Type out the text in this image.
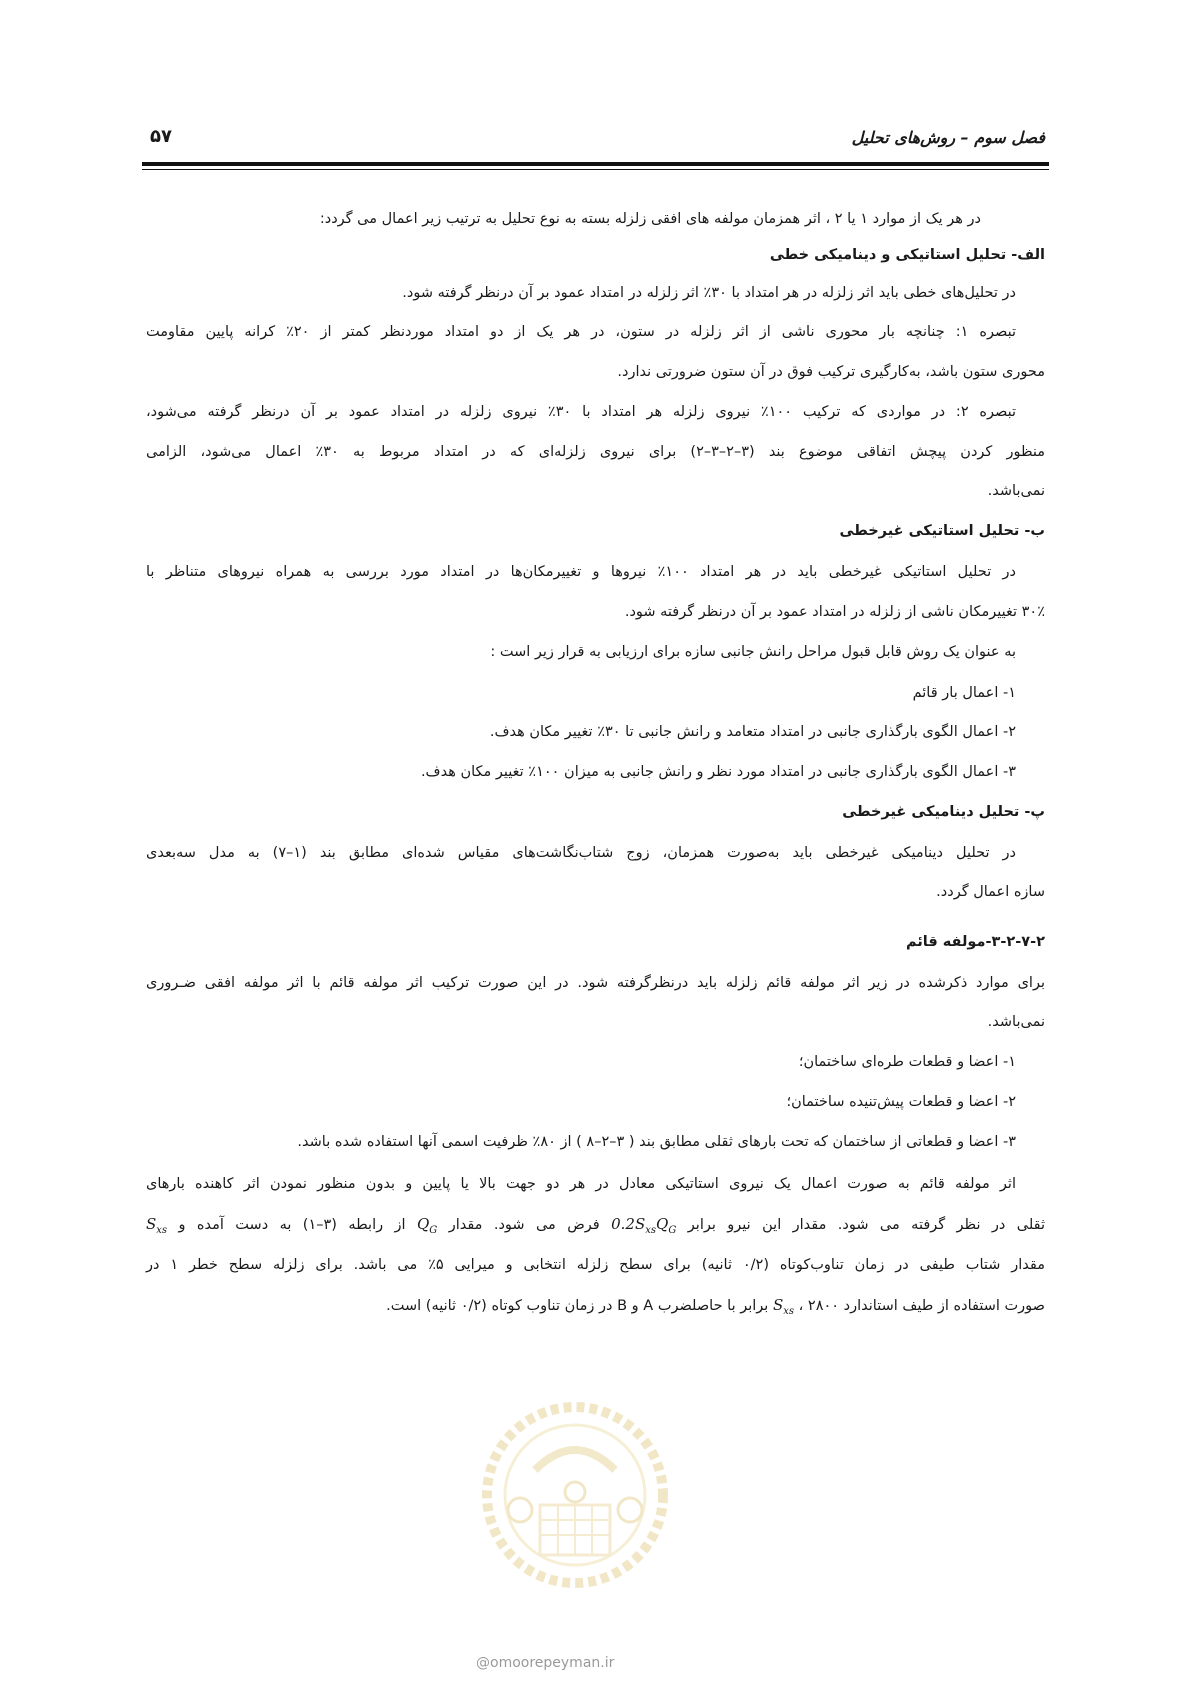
فصل سوم – روش‌های تحلیل
۵۷
در هر یک از موارد ۱ یا ۲ ، اثر همزمان مولفه های افقی زلزله بسته به نوع تحلیل به ترتیب زیر اعمال می گردد:
الف- تحلیل استاتیکی و دینامیکی خطی
در تحلیل‌های خطی باید اثر زلزله در هر امتداد با ۳۰٪ اثر زلزله در امتداد عمود بر آن درنظر گرفته شود.
تبصره ۱: چنانچه بار محوری ناشی از اثر زلزله در ستون، در هر یک از دو امتداد موردنظر کمتر از ۲۰٪ کرانه پایین مقاومت
محوری ستون باشد، به‌کارگیری ترکیب فوق در آن ستون ضرورتی ندارد.
تبصره ۲: در مواردی که ترکیب ۱۰۰٪ نیروی زلزله هر امتداد با ۳۰٪ نیروی زلزله در امتداد عمود بر آن درنظر گرفته می‌شود،
منظور کردن پیچش اتفاقی موضوع بند (۳–۲–۳–۲) برای نیروی زلزله‌ای که در امتداد مربوط به ۳۰٪ اعمال می‌شود، الزامی
نمی‌باشد.
ب- تحلیل استاتیکی غیرخطی
در تحلیل استاتیکی غیرخطی باید در هر امتداد ۱۰۰٪ نیروها و تغییرمکان‌ها در امتداد مورد بررسی به همراه نیروهای متناظر با
۳۰٪ تغییرمکان ناشی از زلزله در امتداد عمود بر آن درنظر گرفته شود.
به عنوان یک روش قابل قبول مراحل رانش جانبی سازه برای ارزیابی به قرار زیر است :
۱- اعمال بار قائم
۲- اعمال الگوی بارگذاری جانبی در امتداد متعامد و رانش جانبی تا ۳۰٪ تغییر مکان هدف.
۳- اعمال الگوی بارگذاری جانبی در امتداد مورد نظر و رانش جانبی به میزان ۱۰۰٪ تغییر مکان هدف.
پ- تحلیل دینامیکی غیرخطی
در تحلیل دینامیکی غیرخطی باید به‌صورت همزمان، زوج شتاب‌نگاشت‌های مقیاس شده‌ای مطابق بند (۱–۷) به مدل سه‌بعدی
سازه اعمال گردد.
۳-۲-۷-۲-مولفه قائم
برای موارد ذکرشده در زیر اثر مولفه قائم زلزله باید درنظرگرفته شود. در این صورت ترکیب اثر مولفه قائم با اثر مولفه افقی ضـروری
نمی‌باشد.
۱- اعضا و قطعات طره‌ای ساختمان؛
۲- اعضا و قطعات پیش‌تنیده ساختمان؛
۳- اعضا و قطعاتی از ساختمان که تحت بارهای ثقلی مطابق بند ( ۳–۲–۸ ) از ۸۰٪ ظرفیت اسمی آنها استفاده شده باشد.
اثر مولفه قائم به صورت اعمال یک نیروی استاتیکی معادل در هر دو جهت بالا یا پایین و بدون منظور نمودن اثر کاهنده بارهای
ثقلی در نظر گرفته می شود. مقدار این نیرو برابر $0.2S_{xs}Q_G$ فرض می شود. مقدار $Q_G$ از رابطه (۳–۱) به دست آمده و $S_{xs}$
مقدار شتاب طیفی در زمان تناوب‌کوتاه (۰/۲ ثانیه) برای سطح زلزله انتخابی و میرایی ۵٪ می باشد. برای زلزله سطح خطر ۱ در
صورت استفاده از طیف استاندارد ۲۸۰۰ ، $S_{xs}$ برابر با حاصلضرب A و B در زمان تناوب کوتاه (۰/۲ ثانیه) است.
@omoorepeyman.ir
